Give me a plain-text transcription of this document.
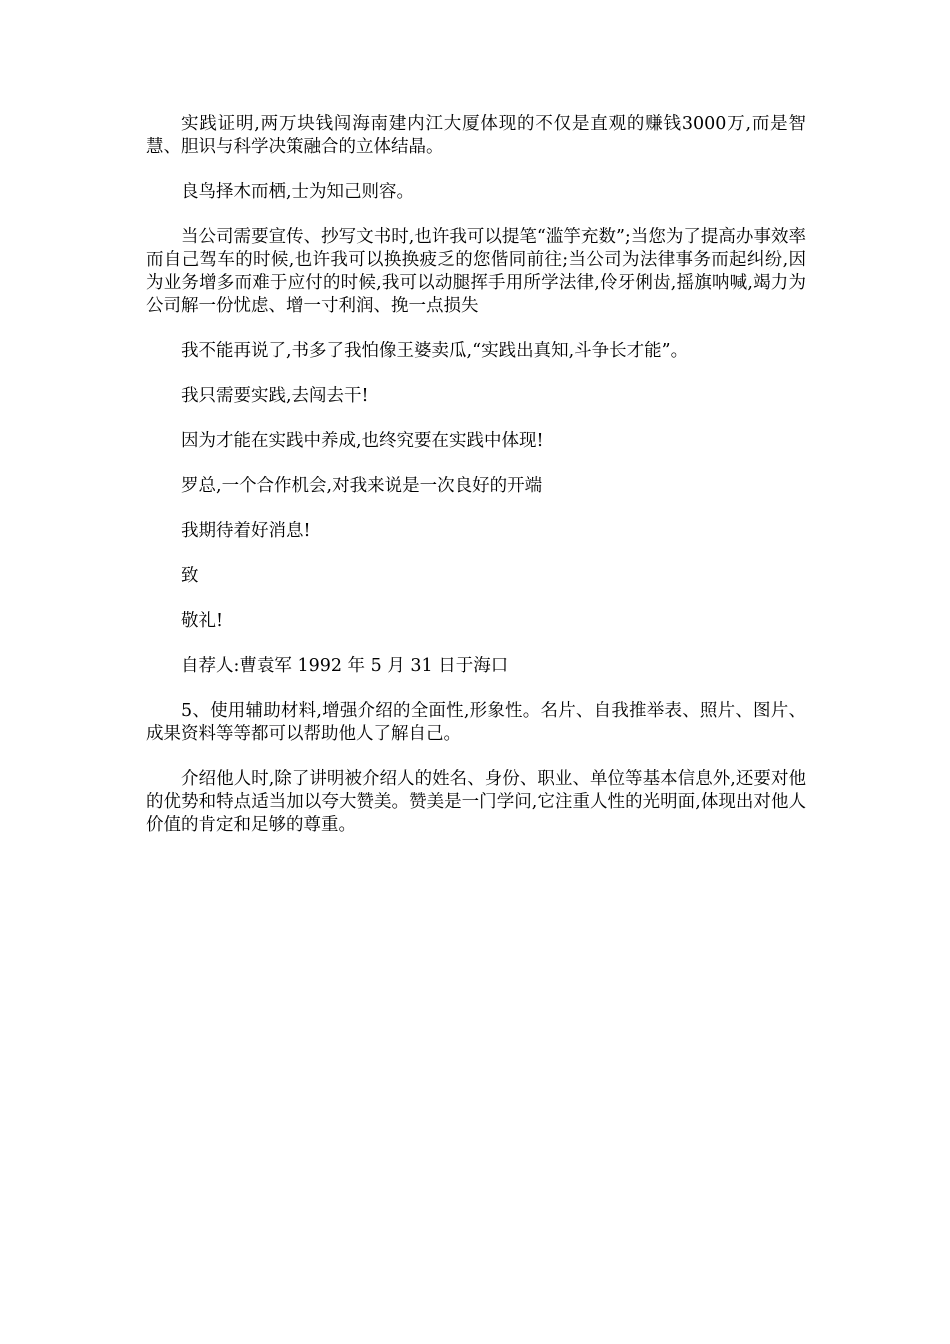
实践证明,两万块钱闯海南建内江大厦体现的不仅是直观的赚钱3000万,而是智慧、胆识与科学决策融合的立体结晶。

良鸟择木而栖,士为知己则容。

当公司需要宣传、抄写文书时,也许我可以提笔“滥竽充数”;当您为了提高办事效率而自己驾车的时候,也许我可以换换疲乏的您偕同前往;当公司为法律事务而起纠纷,因为业务增多而难于应付的时候,我可以动腿挥手用所学法律,伶牙俐齿,摇旗呐喊,竭力为公司解一份忧虑、增一寸利润、挽一点损失

我不能再说了,书多了我怕像王婆卖瓜,“实践出真知,斗争长才能”。

我只需要实践,去闯去干!

因为才能在实践中养成,也终究要在实践中体现!

罗总,一个合作机会,对我来说是一次良好的开端

我期待着好消息!

致

敬礼!

自荐人:曹袁军 1992 年 5 月 31 日于海口

5、使用辅助材料,增强介绍的全面性,形象性。名片、自我推举表、照片、图片、成果资料等等都可以帮助他人了解自己。

介绍他人时,除了讲明被介绍人的姓名、身份、职业、单位等基本信息外,还要对他的优势和特点适当加以夸大赞美。赞美是一门学问,它注重人性的光明面,体现出对他人价值的肯定和足够的尊重。
